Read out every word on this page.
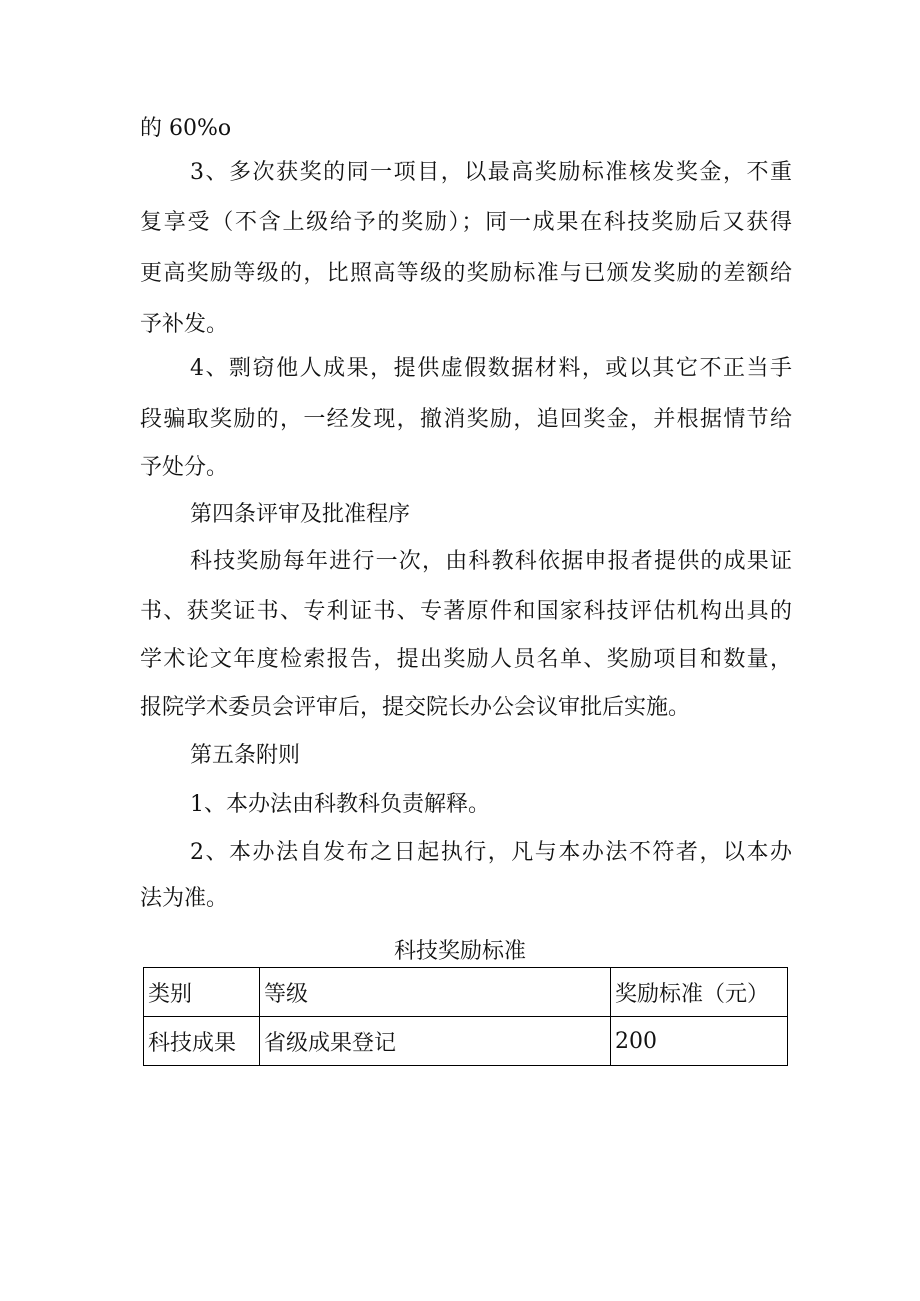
的 60%o
3、多次获奖的同一项目，以最高奖励标准核发奖金，不重
复享受（不含上级给予的奖励）；同一成果在科技奖励后又获得
更高奖励等级的，比照高等级的奖励标准与已颁发奖励的差额给
予补发。
4、剽窃他人成果，提供虚假数据材料，或以其它不正当手
段骗取奖励的，一经发现，撤消奖励，追回奖金，并根据情节给
予处分。
第四条评审及批准程序
科技奖励每年进行一次，由科教科依据申报者提供的成果证
书、获奖证书、专利证书、专著原件和国家科技评估机构出具的
学术论文年度检索报告，提出奖励人员名单、奖励项目和数量，
报院学术委员会评审后，提交院长办公会议审批后实施。
第五条附则
1、本办法由科教科负责解释。
2、本办法自发布之日起执行，凡与本办法不符者，以本办
法为准。
科技奖励标准
类别	等级	奖励标准（元）
科技成果	省级成果登记	200
